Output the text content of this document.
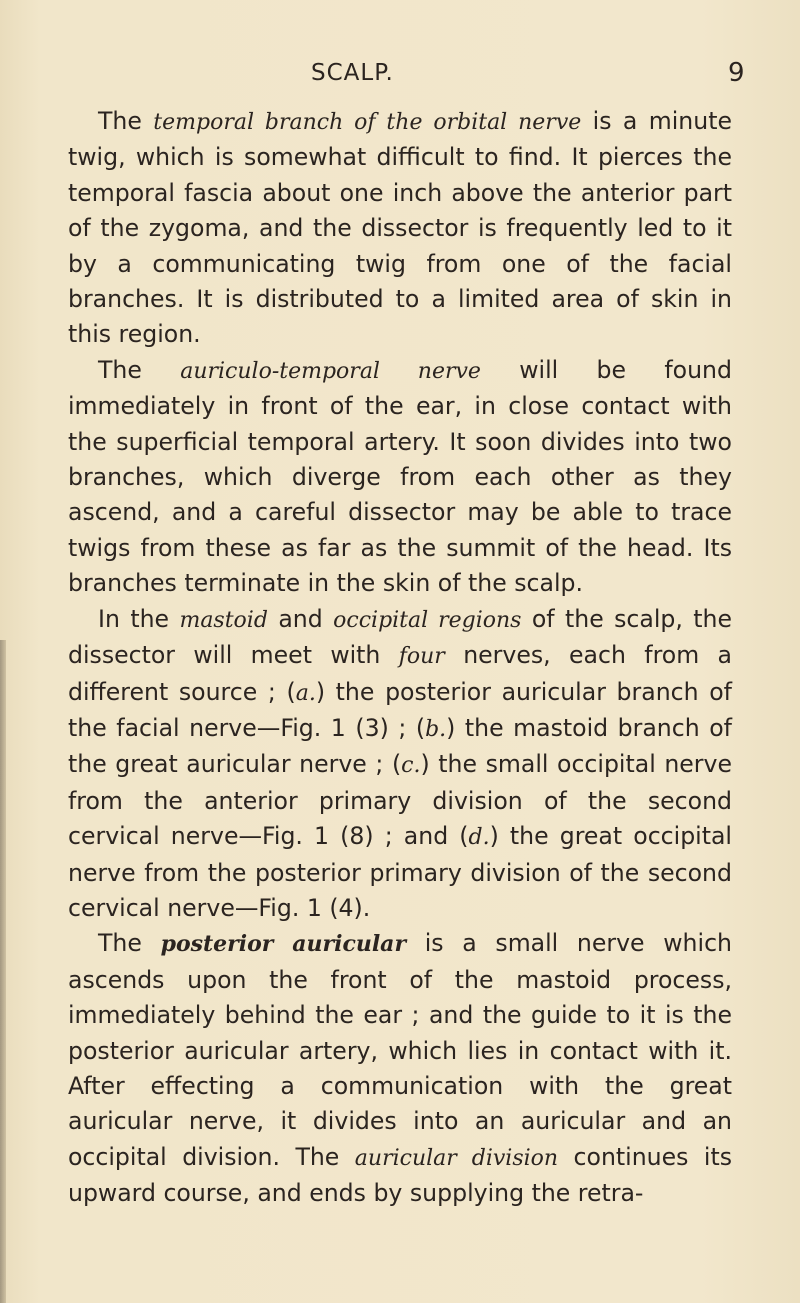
SCALP.	9

The temporal branch of the orbital nerve is a minute twig, which is somewhat difficult to find. It pierces the temporal fascia about one inch above the anterior part of the zygoma, and the dissector is frequently led to it by a communicating twig from one of the facial branches. It is distributed to a limited area of skin in this region.

The auriculo-temporal nerve will be found immediately in front of the ear, in close contact with the superficial temporal artery. It soon divides into two branches, which diverge from each other as they ascend, and a careful dissector may be able to trace twigs from these as far as the summit of the head. Its branches terminate in the skin of the scalp.

In the mastoid and occipital regions of the scalp, the dissector will meet with four nerves, each from a different source ; (a.) the posterior auricular branch of the facial nerve—Fig. 1 (3) ; (b.) the mastoid branch of the great auricular nerve ; (c.) the small occipital nerve from the anterior primary division of the second cervical nerve—Fig. 1 (8) ; and (d.) the great occipital nerve from the posterior primary division of the second cervical nerve—Fig. 1 (4).

The posterior auricular is a small nerve which ascends upon the front of the mastoid process, immediately behind the ear ; and the guide to it is the posterior auricular artery, which lies in contact with it. After effecting a communication with the great auricular nerve, it divides into an auricular and an occipital division. The auricular division continues its upward course, and ends by supplying the retra-
